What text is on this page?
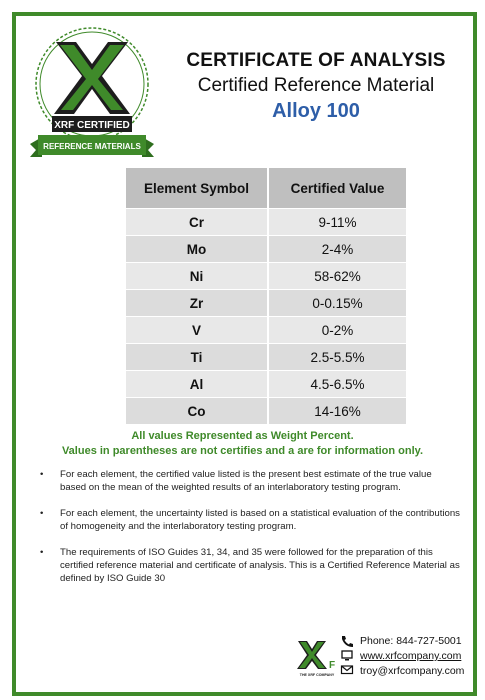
XRF CERTIFIED
REFERENCE MATERIALS
CERTIFICATE OF ANALYSIS
Certified Reference Material
Alloy 100
Element Symbol	Certified Value
Cr	9-11%
Mo	2-4%
Ni	58-62%
Zr	0-0.15%
V	0-2%
Ti	2.5-5.5%
Al	4.5-6.5%
Co	14-16%
All values Represented as Weight Percent.
Values in parentheses are not certifies and a are for information only.
• For each element, the certified value listed is the present best estimate of the true value based on the mean of the weighted results of an interlaboratory testing program.
• For each element, the uncertainty listed is based on a statistical evaluation of the contributions of homogeneity and the interlaboratory testing program.
• The requirements of ISO Guides 31, 34, and 35 were followed for the preparation of this certified reference material and certificate of analysis. This is a Certified Reference Material as defined by ISO Guide 30
F
THE XRF COMPANY
Phone: 844-727-5001
www.xrfcompany.com
troy@xrfcompany.com
